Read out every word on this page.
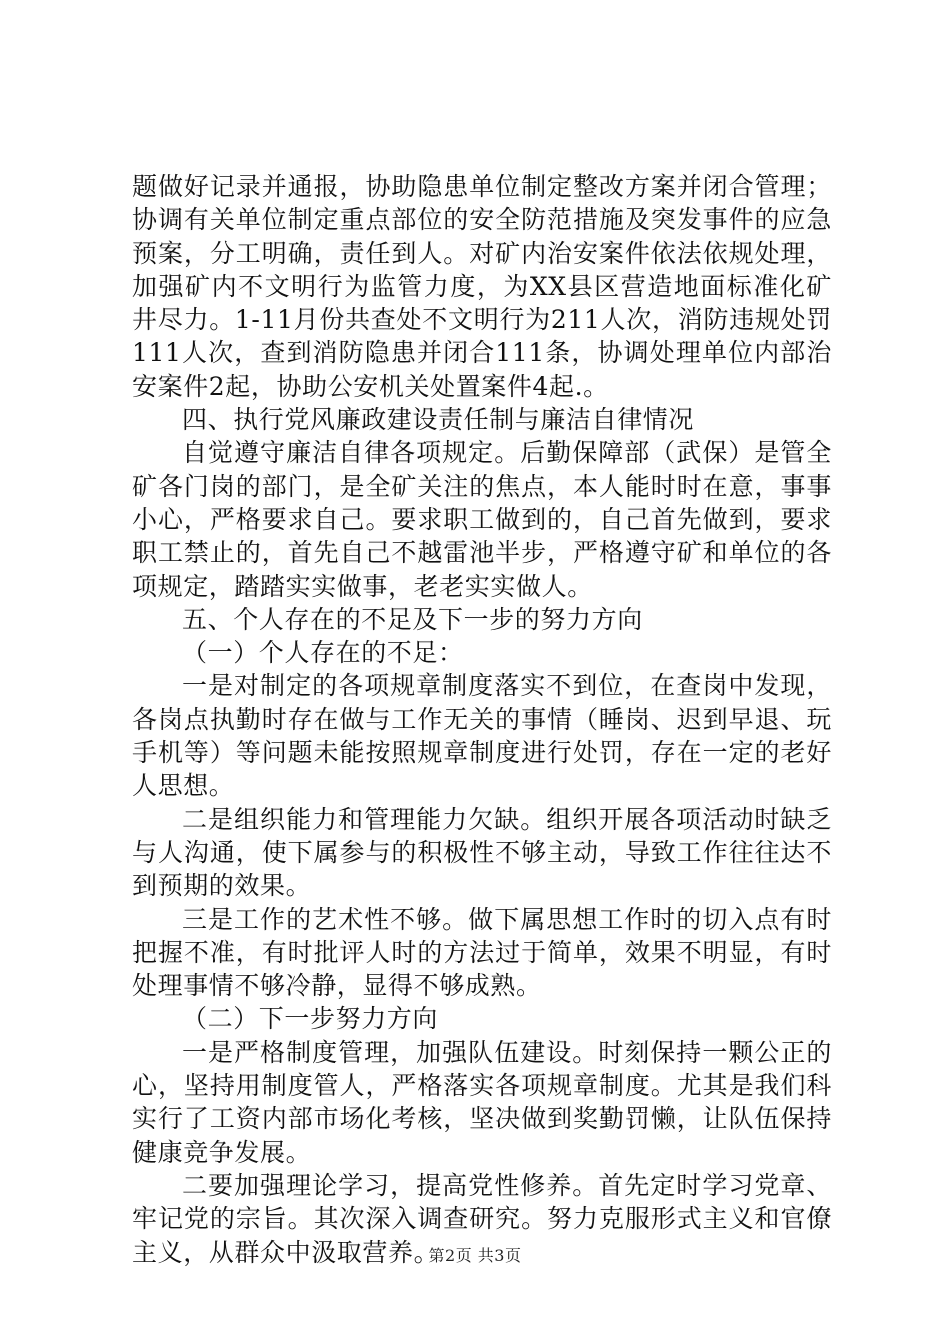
题做好记录并通报，协助隐患单位制定整改方案并闭合管理；协调有关单位制定重点部位的安全防范措施及突发事件的应急预案，分工明确，责任到人。对矿内治安案件依法依规处理，加强矿内不文明行为监管力度，为XX县区营造地面标准化矿井尽力。1-11月份共查处不文明行为211人次，消防违规处罚111人次，查到消防隐患并闭合111条，协调处理单位内部治安案件2起，协助公安机关处置案件4起.。

四、执行党风廉政建设责任制与廉洁自律情况

自觉遵守廉洁自律各项规定。后勤保障部（武保）是管全矿各门岗的部门，是全矿关注的焦点，本人能时时在意，事事小心，严格要求自己。要求职工做到的，自己首先做到，要求职工禁止的，首先自己不越雷池半步，严格遵守矿和单位的各项规定，踏踏实实做事，老老实实做人。

五、个人存在的不足及下一步的努力方向

（一）个人存在的不足：

一是对制定的各项规章制度落实不到位，在查岗中发现，各岗点执勤时存在做与工作无关的事情（睡岗、迟到早退、玩手机等）等问题未能按照规章制度进行处罚，存在一定的老好人思想。

二是组织能力和管理能力欠缺。组织开展各项活动时缺乏与人沟通，使下属参与的积极性不够主动，导致工作往往达不到预期的效果。

三是工作的艺术性不够。做下属思想工作时的切入点有时把握不准，有时批评人时的方法过于简单，效果不明显，有时处理事情不够冷静，显得不够成熟。

（二）下一步努力方向

一是严格制度管理，加强队伍建设。时刻保持一颗公正的心，坚持用制度管人，严格落实各项规章制度。尤其是我们科实行了工资内部市场化考核，坚决做到奖勤罚懒，让队伍保持健康竞争发展。

二要加强理论学习，提高党性修养。首先定时学习党章、牢记党的宗旨。其次深入调查研究。努力克服形式主义和官僚主义，从群众中汲取营养。

第2页 共3页
